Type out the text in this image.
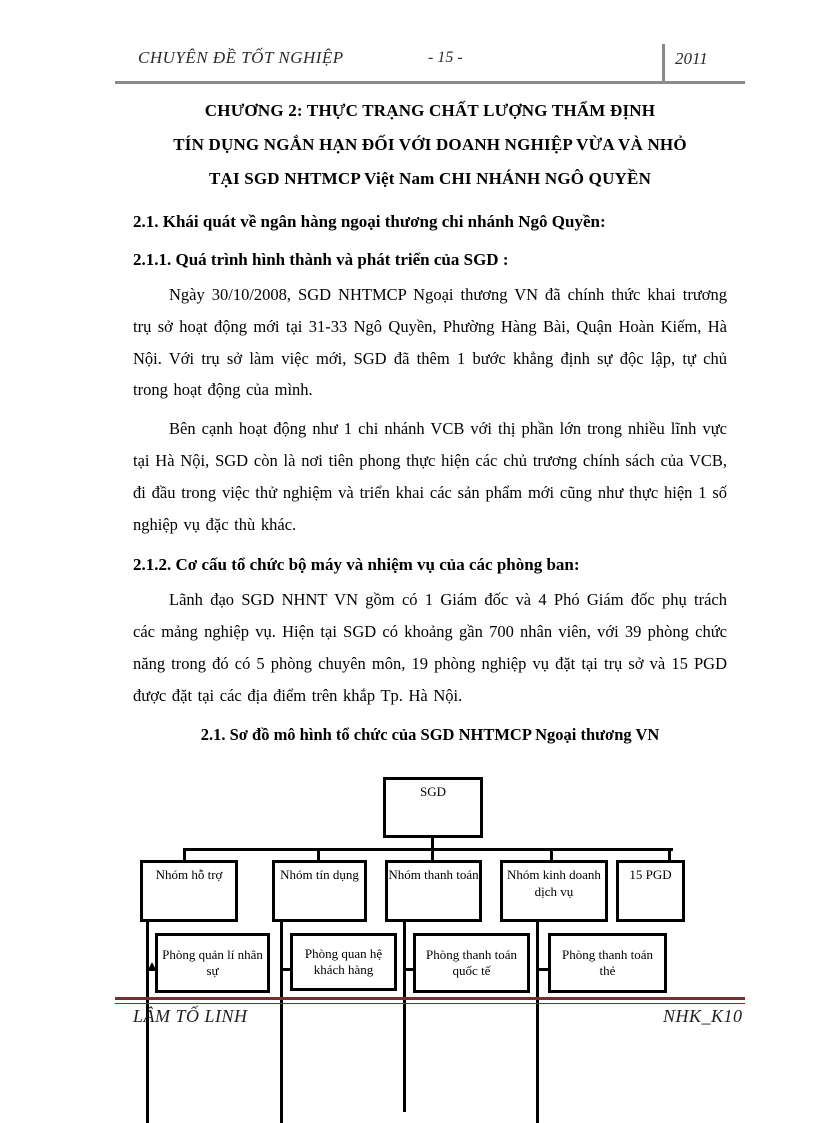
CHUYÊN ĐỀ TỐT NGHIỆP	- 15 -	2011
CHƯƠNG 2: THỰC TRẠNG CHẤT LƯỢNG THẨM ĐỊNH
TÍN DỤNG NGẮN HẠN ĐỐI VỚI DOANH NGHIỆP VỪA VÀ NHỎ
TẠI SGD NHTMCP Việt Nam CHI NHÁNH NGÔ QUYỀN
2.1. Khái quát về ngân hàng ngoại thương chi nhánh Ngô Quyền:
2.1.1. Quá trình hình thành và phát triển của SGD :
Ngày 30/10/2008, SGD NHTMCP Ngoại thương VN đã chính thức khai trương trụ sở hoạt động mới tại 31-33 Ngô Quyền, Phường Hàng Bài, Quận Hoàn Kiếm, Hà Nội. Với trụ sở làm việc mới, SGD đã thêm 1 bước khẳng định sự độc lập, tự chủ trong hoạt động của mình.
Bên cạnh hoạt động như 1 chi nhánh VCB với thị phần lớn trong nhiều lĩnh vực tại Hà Nội, SGD còn là nơi tiên phong thực hiện các chủ trương chính sách của VCB, đi đầu trong việc thử nghiệm và triển khai các sản phẩm mới cũng như thực hiện 1 số nghiệp vụ đặc thù khác.
2.1.2. Cơ cấu tổ chức bộ máy và nhiệm vụ của các phòng ban:
Lãnh đạo SGD NHNT VN gồm có 1 Giám đốc và 4 Phó Giám đốc phụ trách các mảng nghiệp vụ. Hiện tại SGD có khoảng gần 700 nhân viên, với 39 phòng chức năng trong đó có 5 phòng chuyên môn, 19 phòng nghiệp vụ đặt tại trụ sở và 15 PGD được đặt tại các địa điểm trên khắp Tp. Hà Nội.
2.1. Sơ đồ mô hình tổ chức của SGD NHTMCP Ngoại thương VN
SGD
Nhóm hỗ trợ	Nhóm tín dụng	Nhóm thanh toán	Nhóm kinh doanh dịch vụ
15 PGD
Phòng quản lí nhân sự
Phòng quan hệ khách hàng
Phòng thanh toán quốc tế
Phòng thanh toán thẻ
LÂM TỐ LINH	NHK_K10
